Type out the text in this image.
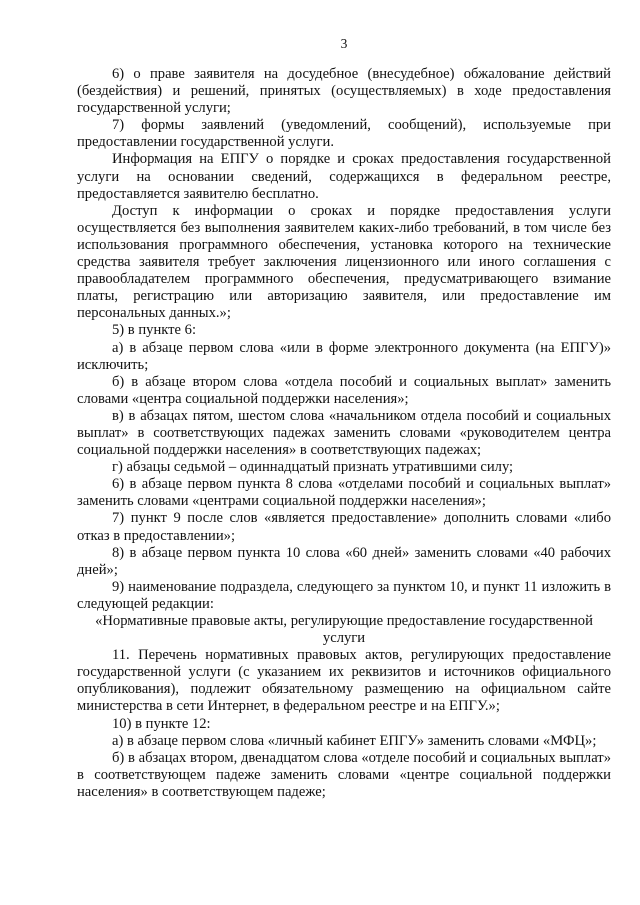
3

6) о праве заявителя на досудебное (внесудебное) обжалование действий (бездействия) и решений, принятых (осуществляемых) в ходе предоставления государственной услуги;

7) формы заявлений (уведомлений, сообщений), используемые при предоставлении государственной услуги.

Информация на ЕПГУ о порядке и сроках предоставления государственной услуги на основании сведений, содержащихся в федеральном реестре, предоставляется заявителю бесплатно.

Доступ к информации о сроках и порядке предоставления услуги осуществляется без выполнения заявителем каких-либо требований, в том числе без использования программного обеспечения, установка которого на технические средства заявителя требует заключения лицензионного или иного соглашения с правообладателем программного обеспечения, предусматривающего взимание платы, регистрацию или авторизацию заявителя, или предоставление им персональных данных.»;

5) в пункте 6:

а) в абзаце первом слова «или в форме электронного документа (на ЕПГУ)» исключить;

б) в абзаце втором слова «отдела пособий и социальных выплат» заменить словами «центра социальной поддержки населения»;

в) в абзацах пятом, шестом слова «начальником отдела пособий и социальных выплат» в соответствующих падежах заменить словами «руководителем центра социальной поддержки населения» в соответствующих падежах;

г) абзацы седьмой – одиннадцатый признать утратившими силу;

6) в абзаце первом пункта 8 слова «отделами пособий и социальных выплат» заменить словами «центрами социальной поддержки населения»;

7) пункт 9 после слов «является предоставление» дополнить словами «либо отказ в предоставлении»;

8) в абзаце первом пункта 10 слова «60 дней» заменить словами «40 рабочих дней»;

9) наименование подраздела, следующего за пунктом 10, и пункт 11 изложить в следующей редакции:

«Нормативные правовые акты, регулирующие предоставление государственной услуги

11. Перечень нормативных правовых актов, регулирующих предоставление государственной услуги (с указанием их реквизитов и источников официального опубликования), подлежит обязательному размещению на официальном сайте министерства в сети Интернет, в федеральном реестре и на ЕПГУ.»;

10) в пункте 12:

а) в абзаце первом слова «личный кабинет ЕПГУ» заменить словами «МФЦ»;

б) в абзацах втором, двенадцатом слова «отделе пособий и социальных выплат» в соответствующем падеже заменить словами «центре социальной поддержки населения» в соответствующем падеже;
